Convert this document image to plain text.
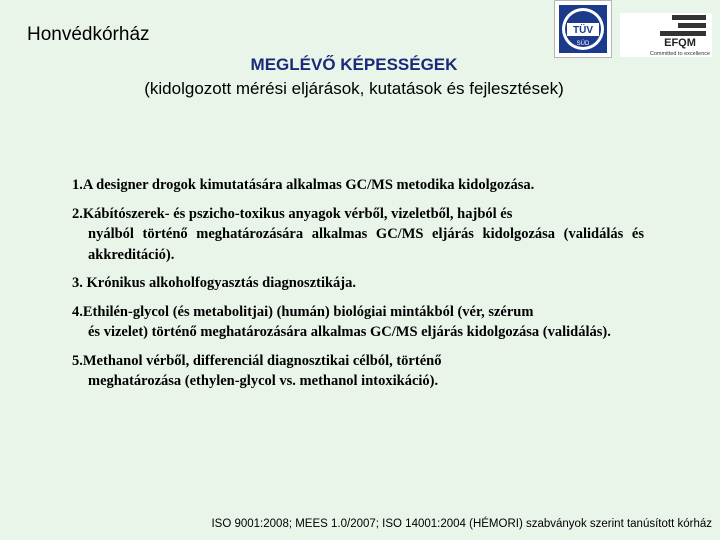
Honvédkórház	TÜV
SÜD	EFQM
Committed to excellence
MEGLÉVŐ KÉPESSÉGEK
(kidolgozott mérési eljárások, kutatások és fejlesztések)
1.A designer drogok kimutatására alkalmas GC/MS metodika kidolgozása.
2.Kábítószerek- és pszicho-toxikus anyagok vérből, vizeletből, hajból és
nyálból történő meghatározására alkalmas GC/MS eljárás kidolgozása (validálás és akkreditáció).
3. Krónikus alkoholfogyasztás diagnosztikája.
4.Ethilén-glycol (és metabolitjai) (humán) biológiai mintákból (vér, szérum
és vizelet) történő meghatározására alkalmas GC/MS eljárás kidolgozása (validálás).
5.Methanol vérből, differenciál diagnosztikai célból, történő
meghatározása (ethylen-glycol vs. methanol intoxikáció).
ISO 9001:2008; MEES 1.0/2007; ISO 14001:2004 (HÉMORI) szabványok szerint tanúsított kórház
